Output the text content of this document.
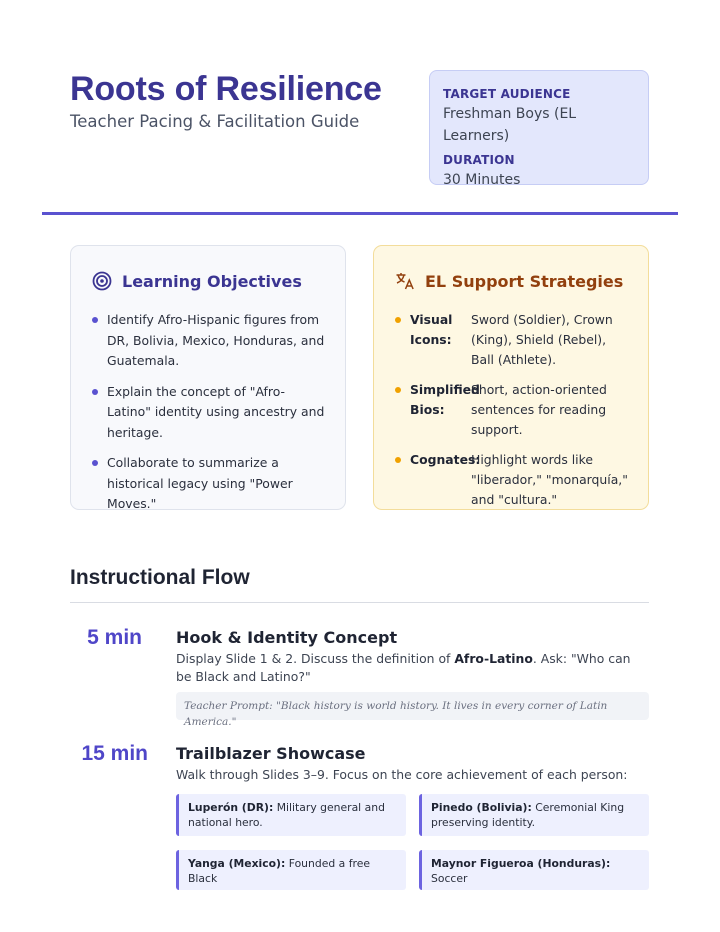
Roots of Resilience
Teacher Pacing & Facilitation Guide
TARGET AUDIENCE
Freshman Boys (EL Learners)
DURATION
30 Minutes
Learning Objectives
Identify Afro-Hispanic figures from DR, Bolivia, Mexico, Honduras, and Guatemala.
Explain the concept of "Afro-Latino" identity using ancestry and heritage.
Collaborate to summarize a historical legacy using "Power Moves."
EL Support Strategies
Visual Icons:
Sword (Soldier), Crown (King), Shield (Rebel), Ball (Athlete).
Simplified Bios:
Short, action-oriented sentences for reading support.
Cognates:
Highlight words like "liberador," "monarquía," and "cultura."
Instructional Flow
5 min Hook & Identity Concept
Display Slide 1 & 2. Discuss the definition of Afro-Latino. Ask: "Who can be Black and Latino?"
Teacher Prompt: "Black history is world history. It lives in every corner of Latin America."
15 min Trailblazer Showcase
Walk through Slides 3–9. Focus on the core achievement of each person:
Luperón (DR): Military general and national hero.
Pinedo (Bolivia): Ceremonial King preserving identity.
Yanga (Mexico): Founded a free Black
Maynor Figueroa (Honduras): Soccer
